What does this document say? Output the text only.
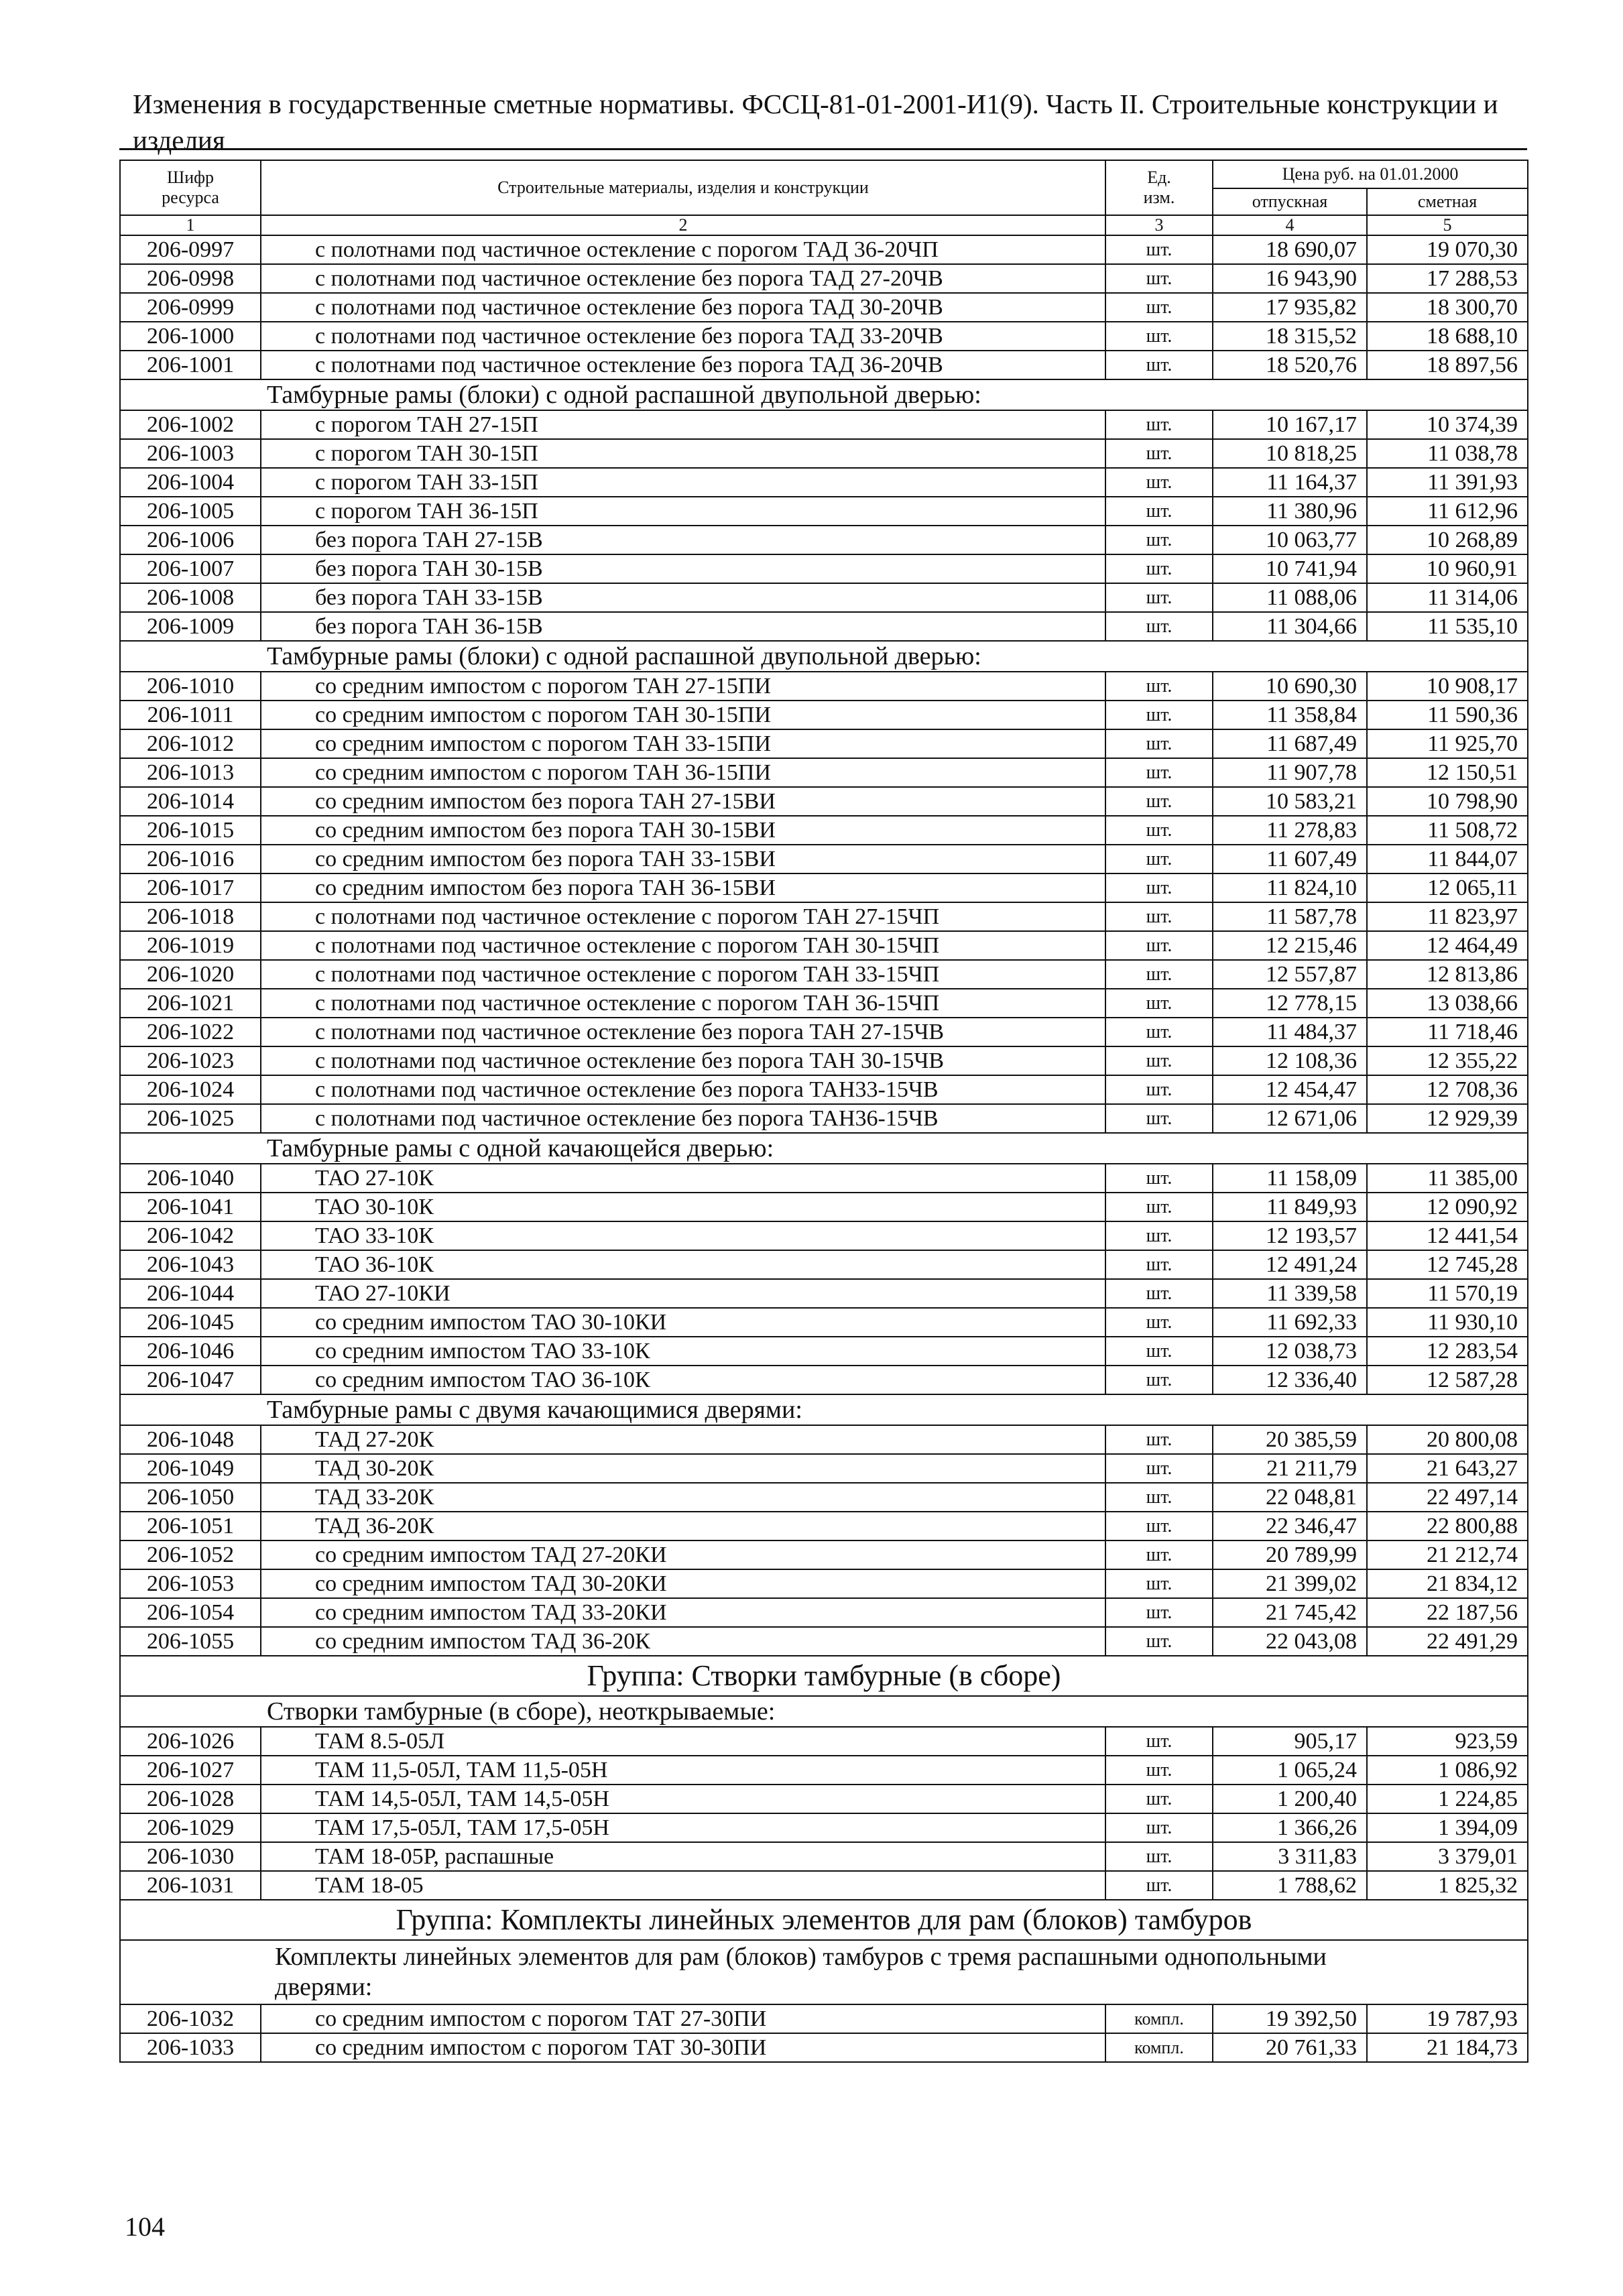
Изменения в государственные сметные нормативы. ФССЦ-81-01-2001-И1(9). Часть II. Строительные конструкции и изделия
Шифр ресурса	Строительные материалы, изделия и конструкции	Ед. изм.	Цена руб. на 01.01.2000	
			отпускная	сметная
1	2	3	4	5
206-0997	с полотнами под частичное остекление с порогом ТАД 36-20ЧП	шт.	18 690,07	19 070,30
206-0998	с полотнами под частичное остекление без порога ТАД 27-20ЧВ	шт.	16 943,90	17 288,53
206-0999	с полотнами под частичное остекление без порога ТАД 30-20ЧВ	шт.	17 935,82	18 300,70
206-1000	с полотнами под частичное остекление без порога ТАД 33-20ЧВ	шт.	18 315,52	18 688,10
206-1001	с полотнами под частичное остекление без порога ТАД 36-20ЧВ	шт.	18 520,76	18 897,56
Тамбурные рамы (блоки) с одной распашной двупольной дверью:				
206-1002	с порогом ТАН 27-15П	шт.	10 167,17	10 374,39
206-1003	с порогом ТАН 30-15П	шт.	10 818,25	11 038,78
206-1004	с порогом ТАН 33-15П	шт.	11 164,37	11 391,93
206-1005	с порогом ТАН 36-15П	шт.	11 380,96	11 612,96
206-1006	без порога ТАН 27-15В	шт.	10 063,77	10 268,89
206-1007	без порога ТАН 30-15В	шт.	10 741,94	10 960,91
206-1008	без порога ТАН 33-15В	шт.	11 088,06	11 314,06
206-1009	без порога ТАН 36-15В	шт.	11 304,66	11 535,10
Тамбурные рамы (блоки) с одной распашной двупольной дверью:				
206-1010	со средним импостом с порогом ТАН 27-15ПИ	шт.	10 690,30	10 908,17
206-1011	со средним импостом с порогом ТАН 30-15ПИ	шт.	11 358,84	11 590,36
206-1012	со средним импостом с порогом ТАН 33-15ПИ	шт.	11 687,49	11 925,70
206-1013	со средним импостом с порогом ТАН 36-15ПИ	шт.	11 907,78	12 150,51
206-1014	со средним импостом без порога ТАН 27-15ВИ	шт.	10 583,21	10 798,90
206-1015	со средним импостом без порога ТАН 30-15ВИ	шт.	11 278,83	11 508,72
206-1016	со средним импостом без порога ТАН 33-15ВИ	шт.	11 607,49	11 844,07
206-1017	со средним импостом без порога ТАН 36-15ВИ	шт.	11 824,10	12 065,11
206-1018	с полотнами под частичное остекление с порогом ТАН 27-15ЧП	шт.	11 587,78	11 823,97
206-1019	с полотнами под частичное остекление с порогом ТАН 30-15ЧП	шт.	12 215,46	12 464,49
206-1020	с полотнами под частичное остекление с порогом ТАН 33-15ЧП	шт.	12 557,87	12 813,86
206-1021	с полотнами под частичное остекление с порогом ТАН 36-15ЧП	шт.	12 778,15	13 038,66
206-1022	с полотнами под частичное остекление без порога ТАН 27-15ЧВ	шт.	11 484,37	11 718,46
206-1023	с полотнами под частичное остекление без порога ТАН 30-15ЧВ	шт.	12 108,36	12 355,22
206-1024	с полотнами под частичное остекление без порога ТАН33-15ЧВ	шт.	12 454,47	12 708,36
206-1025	с полотнами под частичное остекление без порога ТАН36-15ЧВ	шт.	12 671,06	12 929,39
Тамбурные рамы с одной качающейся дверью:				
206-1040	ТАО 27-10К	шт.	11 158,09	11 385,00
206-1041	ТАО 30-10К	шт.	11 849,93	12 090,92
206-1042	ТАО 33-10К	шт.	12 193,57	12 441,54
206-1043	ТАО 36-10К	шт.	12 491,24	12 745,28
206-1044	ТАО 27-10КИ	шт.	11 339,58	11 570,19
206-1045	со средним импостом ТАО 30-10КИ	шт.	11 692,33	11 930,10
206-1046	со средним импостом ТАО 33-10К	шт.	12 038,73	12 283,54
206-1047	со средним импостом ТАО 36-10К	шт.	12 336,40	12 587,28
Тамбурные рамы с двумя качающимися дверями:				
206-1048	ТАД 27-20К	шт.	20 385,59	20 800,08
206-1049	ТАД 30-20К	шт.	21 211,79	21 643,27
206-1050	ТАД 33-20К	шт.	22 048,81	22 497,14
206-1051	ТАД 36-20К	шт.	22 346,47	22 800,88
206-1052	со средним импостом ТАД 27-20КИ	шт.	20 789,99	21 212,74
206-1053	со средним импостом ТАД 30-20КИ	шт.	21 399,02	21 834,12
206-1054	со средним импостом ТАД 33-20КИ	шт.	21 745,42	22 187,56
206-1055	со средним импостом ТАД 36-20К	шт.	22 043,08	22 491,29
Группа: Створки тамбурные (в сборе)				
Створки тамбурные (в сборе), неоткрываемые:				
206-1026	ТАМ 8.5-05Л	шт.	905,17	923,59
206-1027	ТАМ 11,5-05Л, ТАМ 11,5-05Н	шт.	1 065,24	1 086,92
206-1028	ТАМ 14,5-05Л, ТАМ 14,5-05Н	шт.	1 200,40	1 224,85
206-1029	ТАМ 17,5-05Л, ТАМ 17,5-05Н	шт.	1 366,26	1 394,09
206-1030	ТАМ 18-05Р, распашные	шт.	3 311,83	3 379,01
206-1031	ТАМ 18-05	шт.	1 788,62	1 825,32
Группа: Комплекты линейных элементов для рам (блоков) тамбуров				
Комплекты линейных элементов для рам (блоков) тамбуров с тремя распашными однопольными дверями:				
206-1032	со средним импостом с порогом ТАТ 27-30ПИ	компл.	19 392,50	19 787,93
206-1033	со средним импостом с порогом ТАТ 30-30ПИ	компл.	20 761,33	21 184,73
104
